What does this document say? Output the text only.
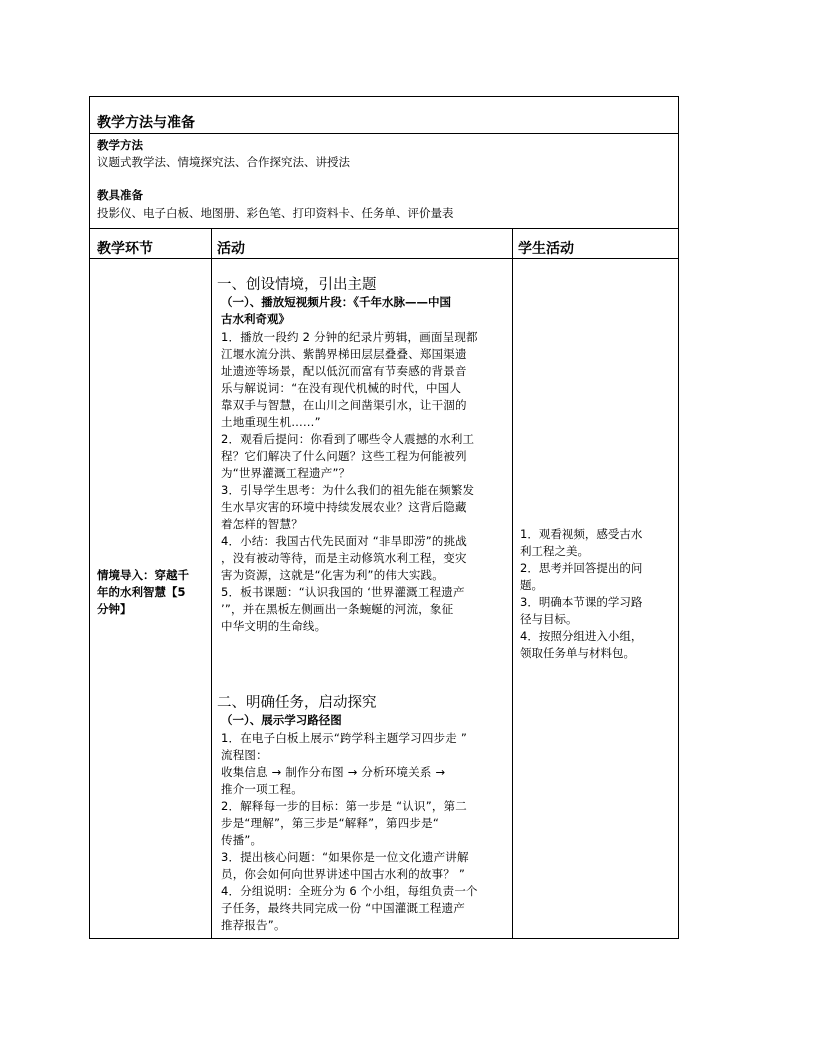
教学方法与准备
教学方法
议题式教学法、情境探究法、合作探究法、讲授法
教具准备
投影仪、电子白板、地图册、彩色笔、打印资料卡、任务单、评价量表
教学环节	活动	学生活动
情境导入：穿越千
年的水利智慧【5
分钟】
一、创设情境，引出主题
（一）、播放短视频片段：《千年水脉——中国
古水利奇观》
1．播放一段约 2 分钟的纪录片剪辑，画面呈现都
江堰水流分洪、紫鹊界梯田层层叠叠、郑国渠遗
址遗迹等场景，配以低沉而富有节奏感的背景音
乐与解说词：“在没有现代机械的时代，中国人
靠双手与智慧，在山川之间凿渠引水，让干涸的
土地重现生机……”
2．观看后提问：你看到了哪些令人震撼的水利工
程？它们解决了什么问题？这些工程为何能被列
为“世界灌溉工程遗产”？
3．引导学生思考：为什么我们的祖先能在频繁发
生水旱灾害的环境中持续发展农业？这背后隐藏
着怎样的智慧？
4．小结：我国古代先民面对 “非旱即涝”的挑战
，没有被动等待，而是主动修筑水利工程，变灾
害为资源，这就是“化害为利”的伟大实践。
5．板书课题：“认识我国的 ‘世界灌溉工程遗产
’”，并在黑板左侧画出一条蜿蜒的河流，象征
中华文明的生命线。
二、明确任务，启动探究
（一）、展示学习路径图
1．在电子白板上展示“跨学科主题学习四步走 ”
流程图：
收集信息 → 制作分布图 → 分析环境关系 →
推介一项工程。
2．解释每一步的目标：第一步是 “认识”，第二
步是“理解”，第三步是“解释”，第四步是“
传播”。
3．提出核心问题：“如果你是一位文化遗产讲解
员，你会如何向世界讲述中国古水利的故事？ ”
4．分组说明：全班分为 6 个小组，每组负责一个
子任务，最终共同完成一份 “中国灌溉工程遗产
推荐报告”。
1．观看视频，感受古水
利工程之美。
2．思考并回答提出的问
题。
3．明确本节课的学习路
径与目标。
4．按照分组进入小组，
领取任务单与材料包。
